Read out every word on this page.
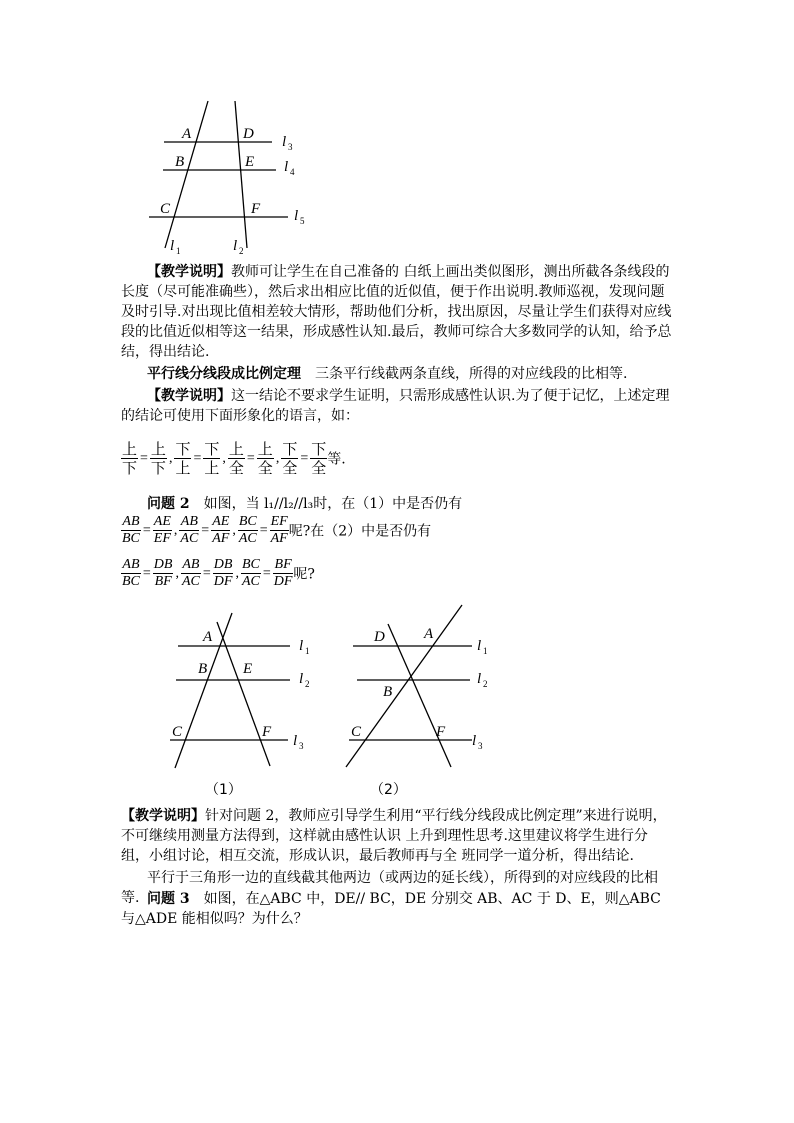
A	D
B	E
C	F
l 3
l 4
l 5
l 1	l 2
【教学说明】教师可让学生在自己准备的 白纸上画出类似图形，测出所截各条线段的长度（尽可能准确些），然后求出相应比值的近似值，便于作出说明.教师巡视，发现问题及时引导.对出现比值相差较大情形，帮助他们分析，找出原因，尽量让学生们获得对应线段的比值近似相等这一结果，形成感性认知.最后，教师可综合大多数同学的认知，给予总结，得出结论.
平行线分线段成比例定理　三条平行线截两条直线，所得的对应线段的比相等.
【教学说明】这一结论不要求学生证明，只需形成感性认识.为了便于记忆，上述定理的结论可使用下面形象化的语言，如：
$\frac{\text{上}}{\text{下}} = \frac{\text{上}}{\text{下}}$ , $\frac{\text{下}}{\text{上}} = \frac{\text{下}}{\text{上}}$ , $\frac{\text{上}}{\text{全}} = \frac{\text{上}}{\text{全}}$ , $\frac{\text{下}}{\text{全}} = \frac{\text{下}}{\text{全}}$ 等.
问题 2　如图，当 l₁//l₂//l₃时，在（1）中是否仍有
$\frac{AB}{BC} = \frac{AE}{EF}$ , $\frac{AB}{AC} = \frac{AE}{AF}$ , $\frac{BC}{AC} = \frac{EF}{AF}$ 呢?在（2）中是否仍有
$\frac{AB}{BC} = \frac{DB}{BF}$ , $\frac{AB}{AC} = \frac{DB}{DF}$ , $\frac{BC}{AC} = \frac{BF}{DF}$ 呢?
A
B E
C	F
l 1
l 2
l 3
（1）
D	A
B
C	F
l 1
l 2
l 3
（2）
【教学说明】针对问题 2，教师应引导学生利用“平行线分线段成比例定理”来进行说明，不可继续用测量方法得到，这样就由感性认识 上升到理性思考.这里建议将学生进行分组，小组讨论，相互交流，形成认识，最后教师再与全 班同学一道分析，得出结论.
平行于三角形一边的直线截其他两边（或两边的延长线），所得到的对应线段的比相等. 问题 3　如图，在△ABC 中，DE// BC，DE 分别交 AB、AC 于 D、E，则△ABC 与△ADE 能相似吗？为什么？
